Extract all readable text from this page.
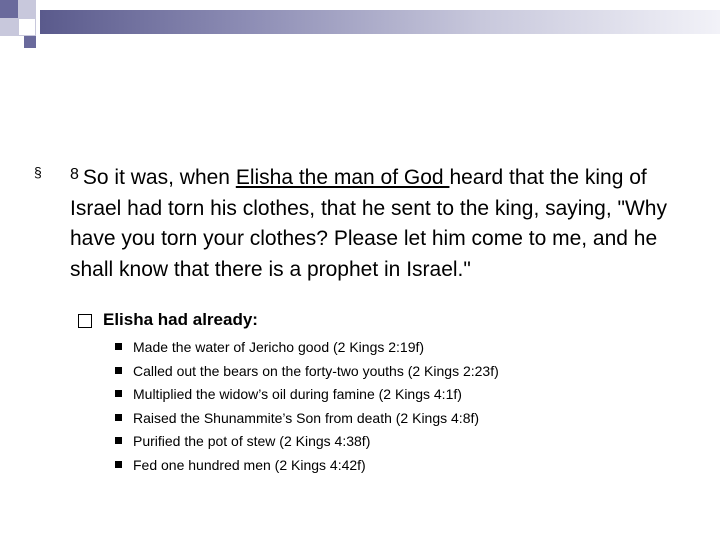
§ $^8$ So it was, when Elisha the man of God heard that the king of Israel had torn his clothes, that he sent to the king, saying, "Why have you torn your clothes? Please let him come to me, and he shall know that there is a prophet in Israel."
Elisha had already:
Made the water of Jericho good (2 Kings 2:19f)
Called out the bears on the forty-two youths (2 Kings 2:23f)
Multiplied the widow’s oil during famine (2 Kings 4:1f)
Raised the Shunammite’s Son from death (2 Kings 4:8f)
Purified the pot of stew (2 Kings 4:38f)
Fed one hundred men (2 Kings 4:42f)
